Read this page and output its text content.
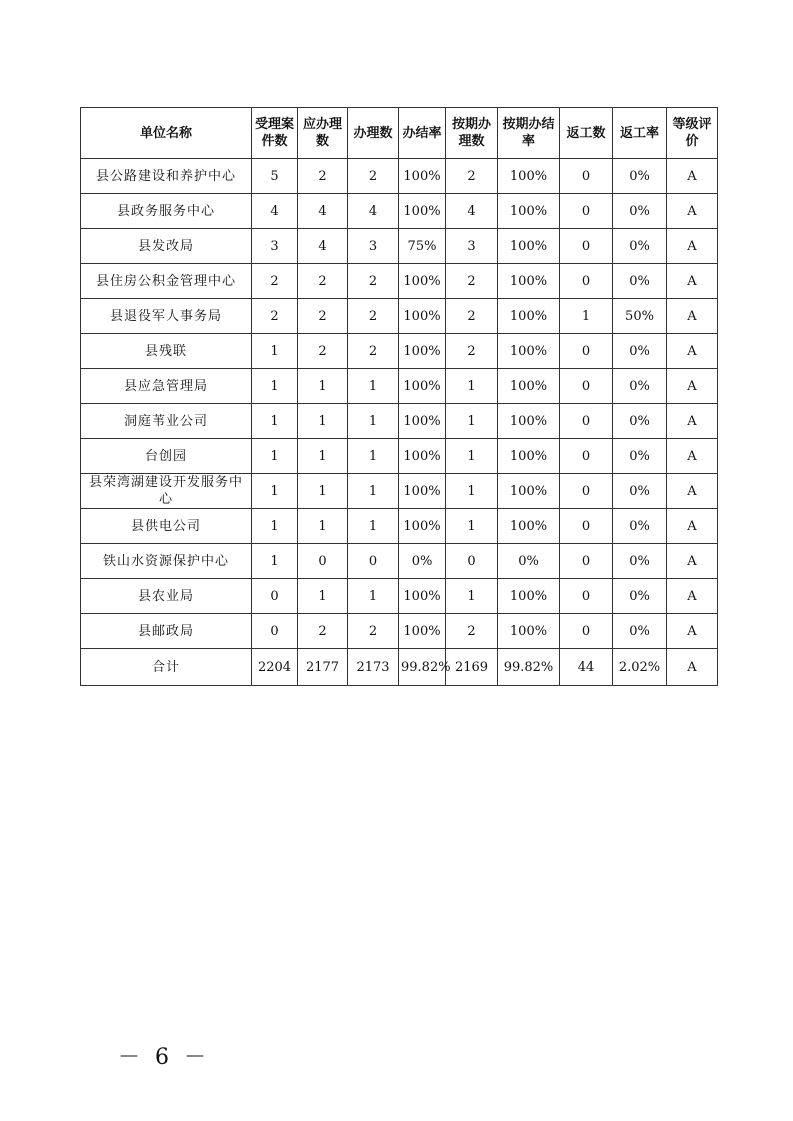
单位名称	受理案件数	应办理数	办理数	办结率	按期办理数	按期办结率	返工数	返工率	等级评价
县公路建设和养护中心	5	2	2	100%	2	100%	0	0%	A
县政务服务中心	4	4	4	100%	4	100%	0	0%	A
县发改局	3	4	3	75%	3	100%	0	0%	A
县住房公积金管理中心	2	2	2	100%	2	100%	0	0%	A
县退役军人事务局	2	2	2	100%	2	100%	1	50%	A
县残联	1	2	2	100%	2	100%	0	0%	A
县应急管理局	1	1	1	100%	1	100%	0	0%	A
洞庭苇业公司	1	1	1	100%	1	100%	0	0%	A
台创园	1	1	1	100%	1	100%	0	0%	A
县荣湾湖建设开发服务中心	1	1	1	100%	1	100%	0	0%	A
县供电公司	1	1	1	100%	1	100%	0	0%	A
铁山水资源保护中心	1	0	0	0%	0	0%	0	0%	A
县农业局	0	1	1	100%	1	100%	0	0%	A
县邮政局	0	2	2	100%	2	100%	0	0%	A
合计	2204	2177	2173	99.82%	2169	99.82%	44	2.02%	A
－ 6 －
